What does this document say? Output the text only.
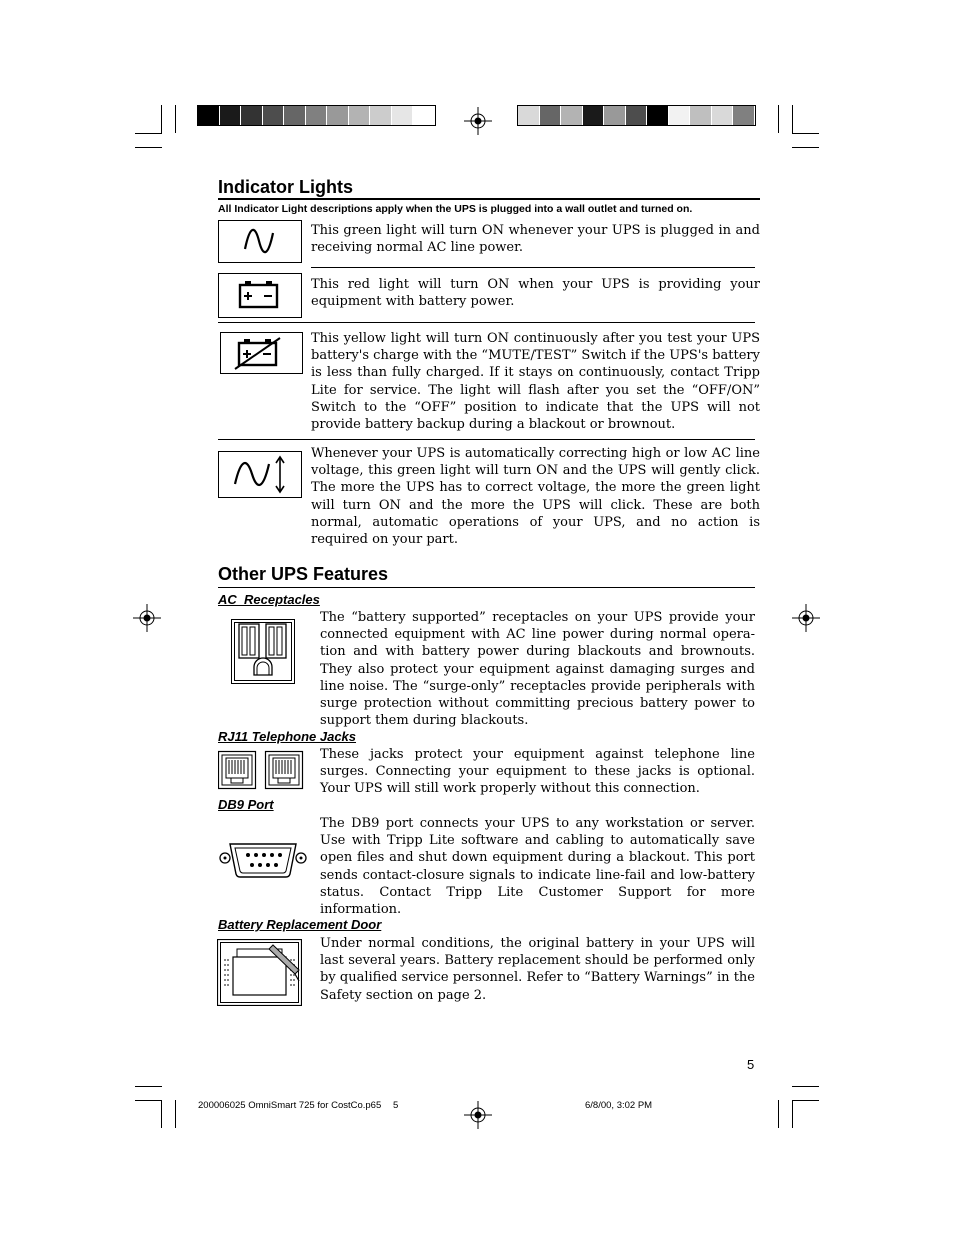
Indicator Lights
All Indicator Light descriptions apply when the UPS is plugged into a wall outlet and turned on.
This green light will turn ON whenever your UPS is plugged in and receiving normal AC line power.
This red light will turn ON when your UPS is providing your equipment with battery power.
This yellow light will turn ON continuously after you test your UPS battery's charge with the “MUTE/TEST” Switch if the UPS's battery is less than fully charged. If it stays on continuously, contact Tripp Lite for service. The light will flash after you set the “OFF/ON” Switch to the “OFF” position to indicate that the UPS will not provide battery backup during a blackout or brownout.
Whenever your UPS is automatically correcting high or low AC line voltage, this green light will turn ON and the UPS will gently click. The more the UPS has to correct voltage, the more the green light will turn ON and the more the UPS will click. These are both normal, automatic operations of your UPS, and no action is required on your part.
Other UPS Features
AC  Receptacles
The “battery supported” receptacles on your UPS provide your connected equipment with AC line power during normal opera-tion and with battery power during blackouts and brownouts. They also protect your equipment against damaging surges and line noise. The “surge-only” receptacles provide peripherals with surge protection without committing precious battery power to support them during blackouts.
RJ11 Telephone Jacks
These jacks protect your equipment against telephone line surges. Connecting your equipment to these jacks is optional. Your UPS will still work properly without this connection.
DB9 Port
The DB9 port connects your UPS to any workstation or server. Use with Tripp Lite software and cabling to automatically save open files and shut down equipment during a blackout. This port sends contact-closure signals to indicate line-fail and low-battery status. Contact Tripp Lite Customer Support for more information.
Battery Replacement Door
Under normal conditions, the original battery in your UPS will last several years. Battery replacement should be performed only by qualified service personnel. Refer to “Battery Warnings” in the Safety section on page 2.
5
200006025 OmniSmart 725 for CostCo.p65 5	6/8/00, 3:02 PM
